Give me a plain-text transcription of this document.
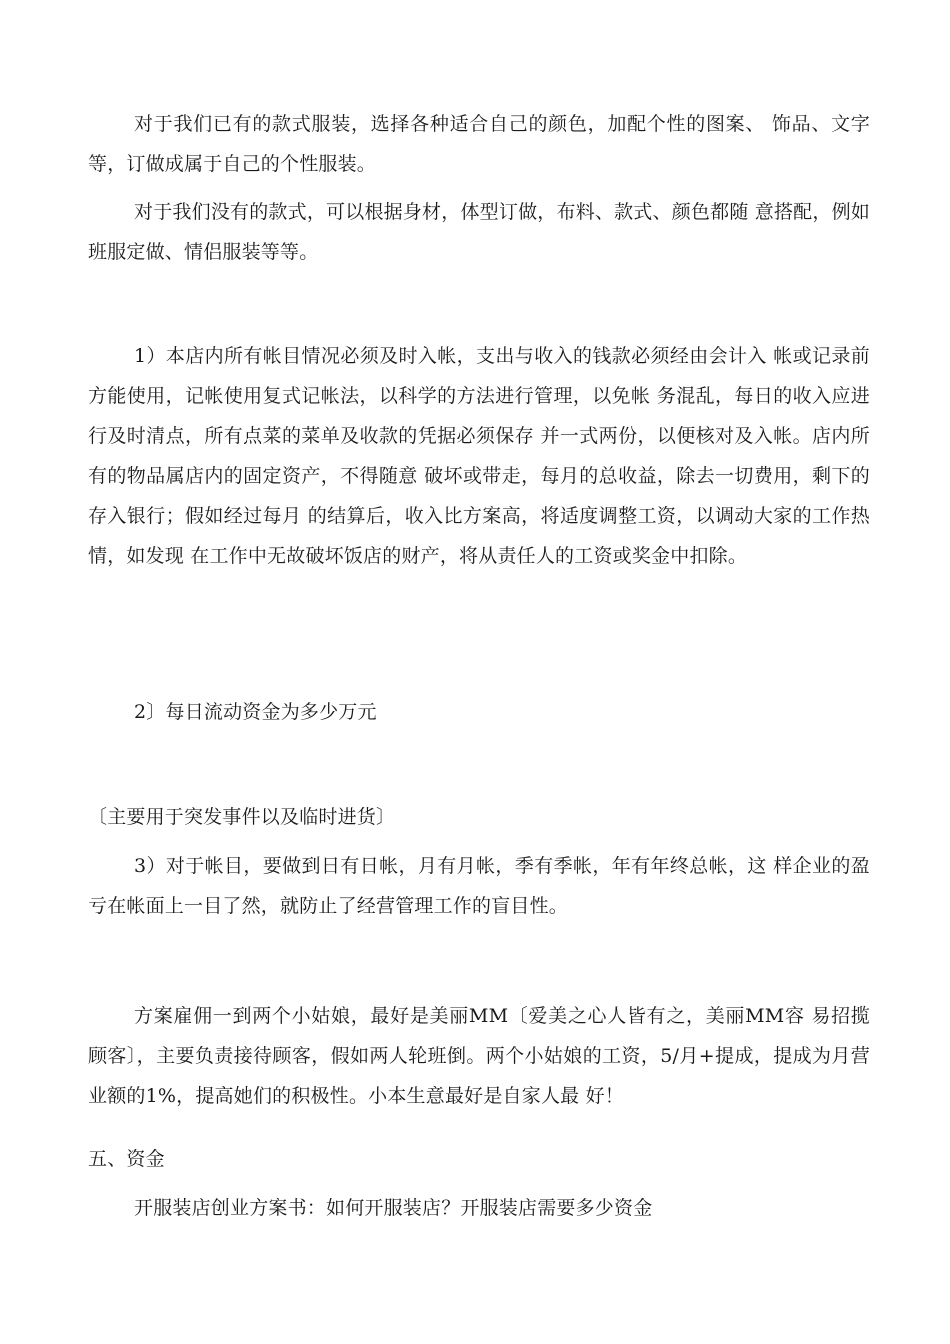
对于我们已有的款式服装，选择各种适合自己的颜色，加配个性的图案、 饰品、文字等，订做成属于自己的个性服装。

对于我们没有的款式，可以根据身材，体型订做，布料、款式、颜色都随 意搭配，例如班服定做、情侣服装等等。

1）本店内所有帐目情况必须及时入帐，支出与收入的钱款必须经由会计入 帐或记录前方能使用，记帐使用复式记帐法，以科学的方法进行管理，以免帐 务混乱，每日的收入应进行及时清点，所有点菜的菜单及收款的凭据必须保存 并一式两份，以便核对及入帐。店内所有的物品属店内的固定资产，不得随意 破坏或带走，每月的总收益，除去一切费用，剩下的存入银行；假如经过每月 的结算后，收入比方案高，将适度调整工资，以调动大家的工作热情，如发现 在工作中无故破坏饭店的财产，将从责任人的工资或奖金中扣除。

2〕每日流动资金为多少万元

〔主要用于突发事件以及临时进货〕

3）对于帐目，要做到日有日帐，月有月帐，季有季帐，年有年终总帐，这 样企业的盈亏在帐面上一目了然，就防止了经营管理工作的盲目性。

方案雇佣一到两个小姑娘，最好是美丽MM〔爱美之心人皆有之，美丽MM容 易招揽顾客〕，主要负责接待顾客，假如两人轮班倒。两个小姑娘的工资，5/月+提成，提成为月营业额的1%，提高她们的积极性。小本生意最好是自家人最 好！

五、资金

开服装店创业方案书：如何开服装店？开服装店需要多少资金
